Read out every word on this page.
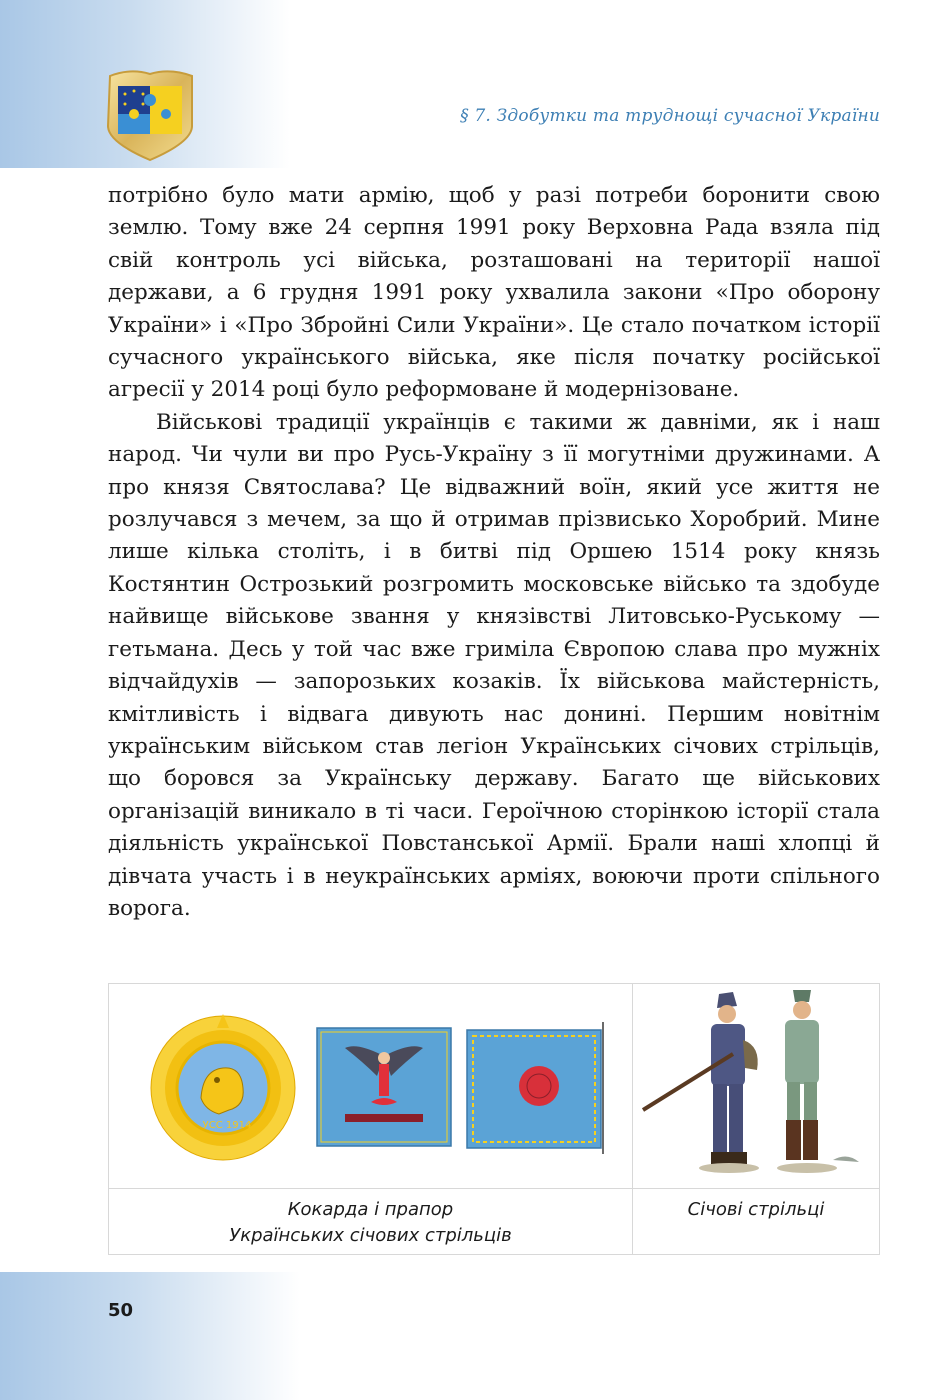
§ 7. Здобутки та труднощі сучасної України

потрібно було мати армію, щоб у разі потреби боронити свою землю. Тому вже 24 серпня 1991 року Верховна Рада взяла під свій контроль усі війська, розташовані на території нашої держави, а 6 грудня 1991 року ухвалила закони «Про оборону України» і «Про Збройні Сили України». Це стало початком історії сучасного українського війська, яке після початку російської агресії у 2014 році було реформоване й модернізоване.

Військові традиції українців є такими ж давніми, як і наш народ. Чи чули ви про Русь-Україну з її могутніми дружинами. А про князя Святослава? Це відважний воїн, який усе життя не розлучався з мечем, за що й отримав прізвисько Хоробрий. Мине лише кілька століть, і в битві під Оршею 1514 року князь Костянтин Острозький розгромить московське військо та здобуде найвище військове звання у князівстві Литовсько-Руському — гетьмана. Десь у той час вже гриміла Європою слава про мужніх відчайдухів — запорозьких козаків. Їх військова майстерність, кмітливість і відвага дивують нас донині. Першим новітнім українським військом став легіон Українських січових стрільців, що боровся за Українську державу. Багато ще військових організацій виникало в ті часи. Героїчною сторінкою історії стала діяльність української Повстанської Армії. Брали наші хлопці й дівчата участь і в неукраїнських арміях, воюючи проти спільного ворога.

УСС 1914
Кокарда і прапор
Українських січових стрільців
Січові стрільці
50
